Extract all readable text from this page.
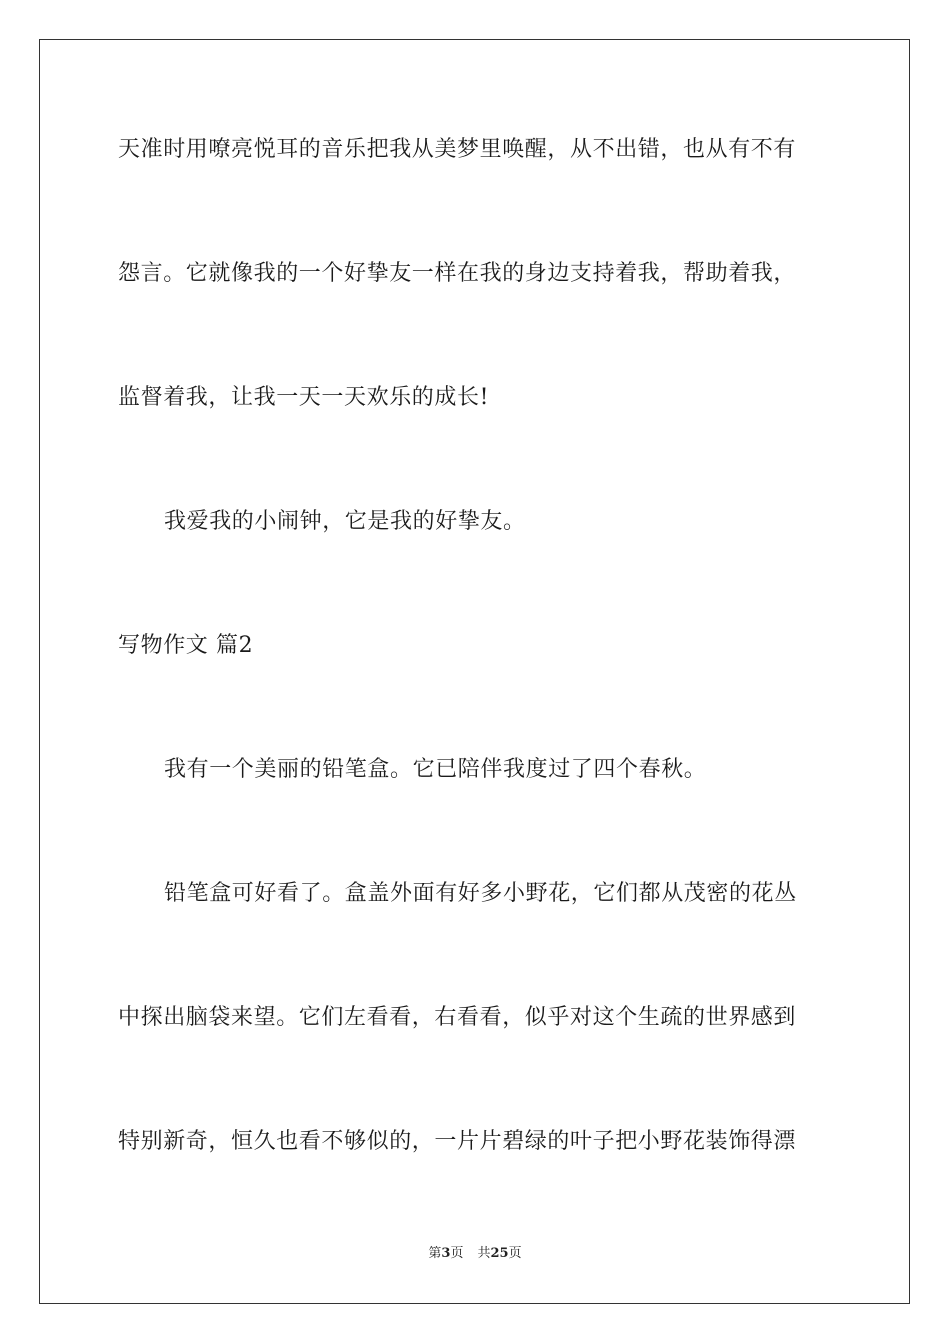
天准时用嘹亮悦耳的音乐把我从美梦里唤醒，从不出错，也从有不有
怨言。它就像我的一个好挚友一样在我的身边支持着我，帮助着我，
监督着我，让我一天一天欢乐的成长!
我爱我的小闹钟，它是我的好挚友。
写物作文 篇2
我有一个美丽的铅笔盒。它已陪伴我度过了四个春秋。
铅笔盒可好看了。盒盖外面有好多小野花，它们都从茂密的花丛
中探出脑袋来望。它们左看看，右看看，似乎对这个生疏的世界感到
特别新奇，恒久也看不够似的，一片片碧绿的叶子把小野花装饰得漂
第3页 共25页
